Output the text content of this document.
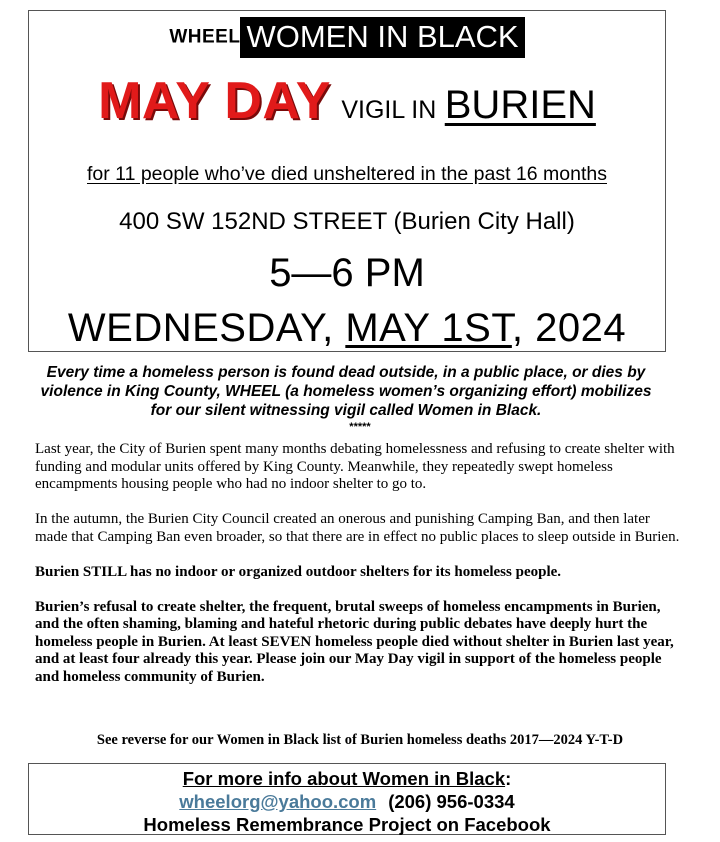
WHEEL WOMEN IN BLACK
MAY DAY VIGIL IN BURIEN
for 11 people who’ve died unsheltered in the past 16 months
400 SW 152ND STREET (Burien City Hall)
5—6 PM
WEDNESDAY, MAY 1ST, 2024
Every time a homeless person is found dead outside, in a public place, or dies by violence in King County, WHEEL (a homeless women’s organizing effort) mobilizes for our silent witnessing vigil called Women in Black.
*****

Last year, the City of Burien spent many months debating homelessness and refusing to create shelter with funding and modular units offered by King County. Meanwhile, they repeatedly swept homeless encampments housing people who had no indoor shelter to go to.

In the autumn, the Burien City Council created an onerous and punishing Camping Ban, and then later made that Camping Ban even broader, so that there are in effect no public places to sleep outside in Burien.

Burien STILL has no indoor or organized outdoor shelters for its homeless people.

Burien’s refusal to create shelter, the frequent, brutal sweeps of homeless encampments in Burien, and the often shaming, blaming and hateful rhetoric during public debates have deeply hurt the homeless people in Burien. At least SEVEN homeless people died without shelter in Burien last year, and at least four already this year. Please join our May Day vigil in support of the homeless people and homeless community of Burien.

See reverse for our Women in Black list of Burien homeless deaths 2017—2024 Y-T-D
For more info about Women in Black:
wheelorg@yahoo.com (206) 956-0334
Homeless Remembrance Project on Facebook
